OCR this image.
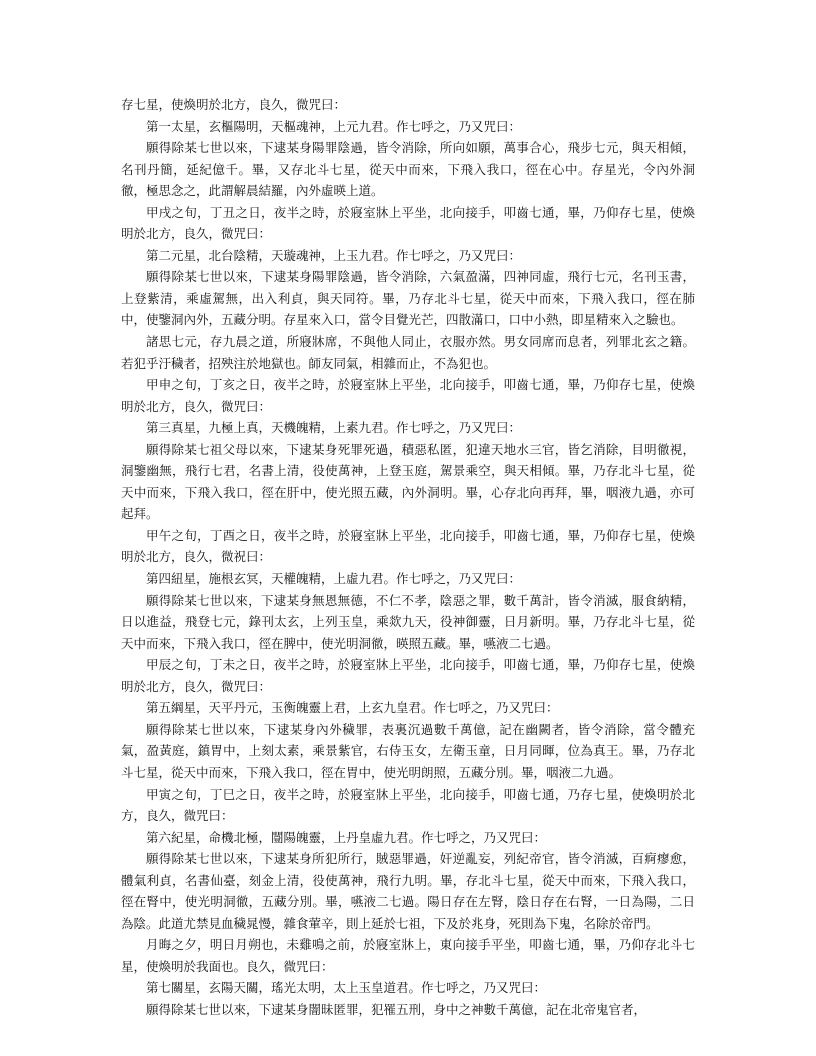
存七星，使煥明於北方，良久，微咒曰：

第一太星，玄樞陽明，天樞魂神，上元九君。作七呼之，乃又咒曰：

願得除某七世以來，下逮某身陽罪陰過，皆令消除，所向如願，萬事合心，飛步七元，與天相傾，名刊丹簡，延紀億千。畢，又存北斗七星，從天中而來，下飛入我口，徑在心中。存星光，令內外洞徹，極思念之，此謂解晨結羅，內外虛暎上道。

甲戌之旬，丁丑之日，夜半之時，於寢室牀上平坐，北向接手，叩齒七通，畢，乃仰存七星，使煥明於北方，良久，微咒曰：

第二元星，北台陰精，天璇魂神，上玉九君。作七呼之，乃又咒曰：

願得除某七世以來，下逮某身陽罪陰過，皆令消除，六氣盈滿，四神同虛，飛行七元，名刊玉書，上登紫清，乘虛駕無，出入利貞，與天同符。畢，乃存北斗七星，從天中而來，下飛入我口，徑在肺中，使鑒洞內外，五藏分明。存星來入口，當令目覺光芒，四散滿口，口中小熱，即星精來入之驗也。

諸思七元，存九晨之道，所寢牀席，不與他人同止，衣服亦然。男女同席而息者，列罪北玄之籍。若犯乎汙穢者，招殃注於地獄也。師友同氣，相雜而止，不為犯也。

甲申之旬，丁亥之日，夜半之時，於寢室牀上平坐，北向接手，叩齒七通，畢，乃仰存七星，使煥明於北方，良久，微咒曰：

第三真星，九極上真，天機魄精，上素九君。作七呼之，乃又咒曰：

願得除某七祖父母以來，下逮某身死罪死過，積惡私匿，犯違天地水三官，皆乞消除，目明徹視，洞鑒幽無，飛行七君，名書上清，役使萬神，上登玉庭，駕景乘空，與天相傾。畢，乃存北斗七星，從天中而來，下飛入我口，徑在肝中，使光照五藏，內外洞明。畢，心存北向再拜，畢，咽液九過，亦可起拜。

甲午之旬，丁酉之日，夜半之時，於寢室牀上平坐，北向接手，叩齒七通，畢，乃仰存七星，使煥明於北方，良久，微祝曰：

第四紐星，施根玄冥，天權魄精，上虛九君。作七呼之，乃又咒曰：

願得除某七世以來，下逮某身無恩無德，不仁不孝，陰惡之罪，數千萬計，皆令消滅，服食納精，日以進益，飛登七元，錄刊太玄，上列玉皇，乘欻九天，役神御靈，日月新明。畢，乃存北斗七星，從天中而來，下飛入我口，徑在脾中，使光明洞徹，暎照五藏。畢，嚥液二七過。

甲辰之旬，丁未之日，夜半之時，於寢室牀上平坐，北向接手，叩齒七通，畢，乃仰存七星，使煥明於北方，良久，微咒曰：

第五綱星，天平丹元，玉衡魄靈上君，上玄九皇君。作七呼之，乃又咒曰：

願得除某七世以來，下逮某身內外穢罪，表裏沉過數千萬億，記在幽闕者，皆令消除，當令體充氣，盈黃庭，鎮胃中，上刻太素，乘景紫官，右侍玉女，左衛玉童，日月同暉，位為真王。畢，乃存北斗七星，從天中而來，下飛入我口，徑在胃中，使光明朗照，五藏分別。畢，咽液二九過。

甲寅之旬，丁巳之日，夜半之時，於寢室牀上平坐，北向接手，叩齒七通，乃存七星，使煥明於北方，良久，微咒曰：

第六紀星，命機北極，闓陽魄靈，上丹皇虛九君。作七呼之，乃又咒曰：

願得除某七世以來，下逮某身所犯所行，賊惡罪過，奸逆亂妄，列紀帝官，皆令消滅，百痾瘳愈，體氣利貞，名書仙臺，刻金上清，役使萬神，飛行九明。畢，存北斗七星，從天中而來，下飛入我口，徑在腎中，使光明洞徹，五藏分別。畢，嚥液二七過。陽日存在左腎，陰日存在右腎，一日為陽，二日為陰。此道尤禁見血穢晁慢，雜食葷辛，則上延於七祖，下及於兆身，死則為下鬼，名除於帝門。

月晦之夕，明日月朔也，未雞鳴之前，於寢室牀上，東向接手平坐，叩齒七通，畢，乃仰存北斗七星，使煥明於我面也。良久，微咒曰：

第七關星，玄陽天關，瑤光太明，太上玉皇道君。作七呼之，乃又咒曰：

願得除某七世以來，下逮某身闇昧匿罪，犯罹五刑，身中之神數千萬億，記在北帝鬼官者，
